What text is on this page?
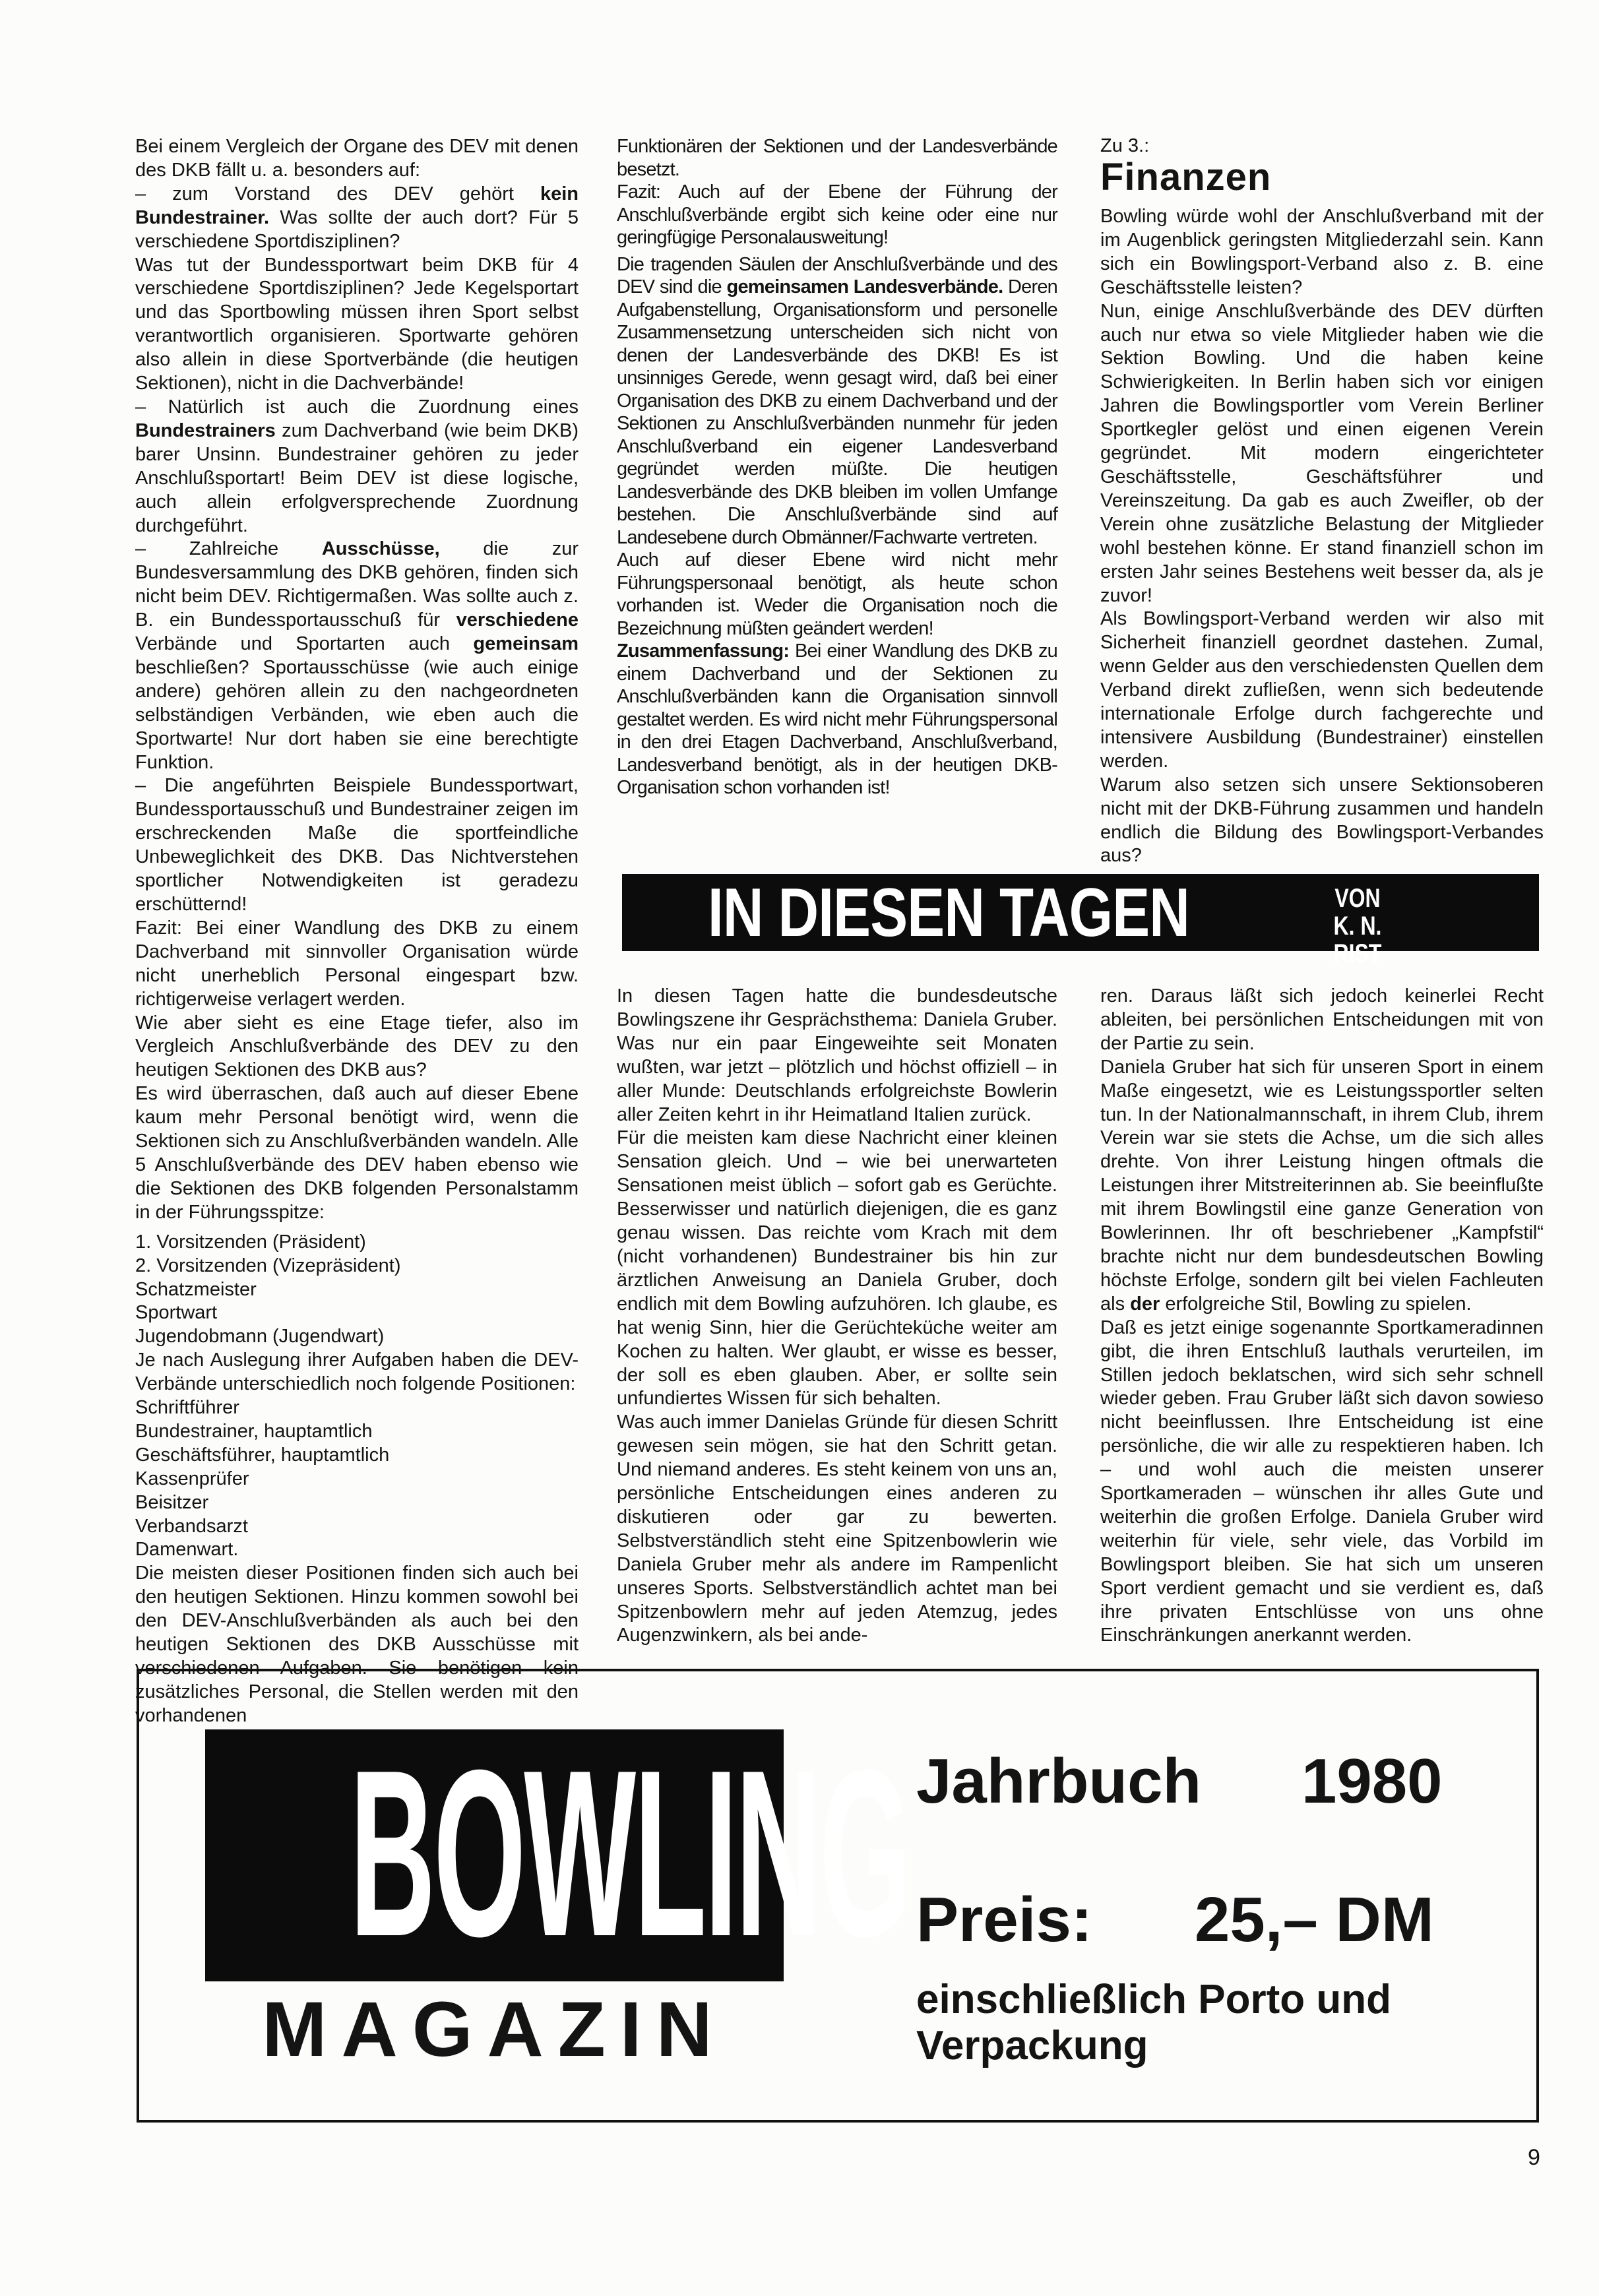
Bei einem Vergleich der Organe des DEV mit denen des DKB fällt u. a. besonders auf:

– zum Vorstand des DEV gehört kein Bundestrainer. Was sollte der auch dort? Für 5 verschiedene Sportdisziplinen?

Was tut der Bundessportwart beim DKB für 4 verschiedene Sportdisziplinen? Jede Kegelsportart und das Sportbowling müssen ihren Sport selbst verantwortlich organisieren. Sportwarte gehören also allein in diese Sportverbände (die heutigen Sektionen), nicht in die Dachverbände!

– Natürlich ist auch die Zuordnung eines Bundestrainers zum Dachverband (wie beim DKB) barer Unsinn. Bundestrainer gehören zu jeder Anschlußsportart! Beim DEV ist diese logische, auch allein erfolgversprechende Zuordnung durchgeführt.

– Zahlreiche Ausschüsse, die zur Bundesversammlung des DKB gehören, finden sich nicht beim DEV. Richtigermaßen. Was sollte auch z. B. ein Bundessportausschuß für verschiedene Verbände und Sportarten auch gemeinsam beschließen? Sportausschüsse (wie auch einige andere) gehören allein zu den nachgeordneten selbständigen Verbänden, wie eben auch die Sportwarte! Nur dort haben sie eine berechtigte Funktion.

– Die angeführten Beispiele Bundessportwart, Bundessportausschuß und Bundestrainer zeigen im erschreckenden Maße die sportfeindliche Unbeweglichkeit des DKB. Das Nichtverstehen sportlicher Notwendigkeiten ist geradezu erschütternd!

Fazit: Bei einer Wandlung des DKB zu einem Dachverband mit sinnvoller Organisation würde nicht unerheblich Personal eingespart bzw. richtigerweise verlagert werden.

Wie aber sieht es eine Etage tiefer, also im Vergleich Anschlußverbände des DEV zu den heutigen Sektionen des DKB aus?

Es wird überraschen, daß auch auf dieser Ebene kaum mehr Personal benötigt wird, wenn die Sektionen sich zu Anschlußverbänden wandeln. Alle 5 Anschlußverbände des DEV haben ebenso wie die Sektionen des DKB folgenden Personalstamm in der Führungsspitze:

1. Vorsitzenden (Präsident)

2. Vorsitzenden (Vizepräsident)

Schatzmeister

Sportwart

Jugendobmann (Jugendwart)

Je nach Auslegung ihrer Aufgaben haben die DEV-Verbände unterschiedlich noch folgende Positionen:

Schriftführer

Bundestrainer, hauptamtlich

Geschäftsführer, hauptamtlich

Kassenprüfer

Beisitzer

Verbandsarzt

Damenwart.

Die meisten dieser Positionen finden sich auch bei den heutigen Sektionen. Hinzu kommen sowohl bei den DEV-Anschlußverbänden als auch bei den heutigen Sektionen des DKB Ausschüsse mit verschiedenen Aufgaben. Sie benötigen kein zusätzliches Personal, die Stellen werden mit den vorhandenen

Funktionären der Sektionen und der Landesverbände besetzt.

Fazit: Auch auf der Ebene der Führung der Anschlußverbände ergibt sich keine oder eine nur geringfügige Personalausweitung!

Die tragenden Säulen der Anschlußverbände und des DEV sind die gemeinsamen Landesverbände. Deren Aufgabenstellung, Organisationsform und personelle Zusammensetzung unterscheiden sich nicht von denen der Landesverbände des DKB! Es ist unsinniges Gerede, wenn gesagt wird, daß bei einer Organisation des DKB zu einem Dachverband und der Sektionen zu Anschlußverbänden nunmehr für jeden Anschlußverband ein eigener Landesverband gegründet werden müßte. Die heutigen Landesverbände des DKB bleiben im vollen Umfange bestehen. Die Anschlußverbände sind auf Landesebene durch Obmänner/Fachwarte vertreten.

Auch auf dieser Ebene wird nicht mehr Führungspersonaal benötigt, als heute schon vorhanden ist. Weder die Organisation noch die Bezeichnung müßten geändert werden!

Zusammenfassung: Bei einer Wandlung des DKB zu einem Dachverband und der Sektionen zu Anschlußverbänden kann die Organisation sinnvoll gestaltet werden. Es wird nicht mehr Führungspersonal in den drei Etagen Dachverband, Anschlußverband, Landesverband benötigt, als in der heutigen DKB-Organisation schon vorhanden ist!

Zu 3.:

Finanzen

Bowling würde wohl der Anschlußverband mit der im Augenblick geringsten Mitgliederzahl sein. Kann sich ein Bowlingsport-Verband also z. B. eine Geschäftsstelle leisten?

Nun, einige Anschlußverbände des DEV dürften auch nur etwa so viele Mitglieder haben wie die Sektion Bowling. Und die haben keine Schwierigkeiten. In Berlin haben sich vor einigen Jahren die Bowlingsportler vom Verein Berliner Sportkegler gelöst und einen eigenen Verein gegründet. Mit modern eingerichteter Geschäftsstelle, Geschäftsführer und Vereinszeitung. Da gab es auch Zweifler, ob der Verein ohne zusätzliche Belastung der Mitglieder wohl bestehen könne. Er stand finanziell schon im ersten Jahr seines Bestehens weit besser da, als je zuvor!

Als Bowlingsport-Verband werden wir also mit Sicherheit finanziell geordnet dastehen. Zumal, wenn Gelder aus den verschiedensten Quellen dem Verband direkt zufließen, wenn sich bedeutende internationale Erfolge durch fachgerechte und intensivere Ausbildung (Bundestrainer) einstellen werden.

Warum also setzen sich unsere Sektionsoberen nicht mit der DKB-Führung zusammen und handeln endlich die Bildung des Bowlingsport-Verbandes aus?

IN DIESEN TAGEN	VON
K. N. RIST

In diesen Tagen hatte die bundesdeutsche Bowlingszene ihr Gesprächsthema: Daniela Gruber. Was nur ein paar Eingeweihte seit Monaten wußten, war jetzt – plötzlich und höchst offiziell – in aller Munde: Deutschlands erfolgreichste Bowlerin aller Zeiten kehrt in ihr Heimatland Italien zurück.

Für die meisten kam diese Nachricht einer kleinen Sensation gleich. Und – wie bei unerwarteten Sensationen meist üblich – sofort gab es Gerüchte. Besserwisser und natürlich diejenigen, die es ganz genau wissen. Das reichte vom Krach mit dem (nicht vorhandenen) Bundestrainer bis hin zur ärztlichen Anweisung an Daniela Gruber, doch endlich mit dem Bowling aufzuhören. Ich glaube, es hat wenig Sinn, hier die Gerüchteküche weiter am Kochen zu halten. Wer glaubt, er wisse es besser, der soll es eben glauben. Aber, er sollte sein unfundiertes Wissen für sich behalten.

Was auch immer Danielas Gründe für diesen Schritt gewesen sein mögen, sie hat den Schritt getan. Und niemand anderes. Es steht keinem von uns an, persönliche Entscheidungen eines anderen zu diskutieren oder gar zu bewerten. Selbstverständlich steht eine Spitzenbowlerin wie Daniela Gruber mehr als andere im Rampenlicht unseres Sports. Selbstverständlich achtet man bei Spitzenbowlern mehr auf jeden Atemzug, jedes Augenzwinkern, als bei ande-

ren. Daraus läßt sich jedoch keinerlei Recht ableiten, bei persönlichen Entscheidungen mit von der Partie zu sein.

Daniela Gruber hat sich für unseren Sport in einem Maße eingesetzt, wie es Leistungssportler selten tun. In der Nationalmannschaft, in ihrem Club, ihrem Verein war sie stets die Achse, um die sich alles drehte. Von ihrer Leistung hingen oftmals die Leistungen ihrer Mitstreiterinnen ab. Sie beeinflußte mit ihrem Bowlingstil eine ganze Generation von Bowlerinnen. Ihr oft beschriebener „Kampfstil“ brachte nicht nur dem bundesdeutschen Bowling höchste Erfolge, sondern gilt bei vielen Fachleuten als der erfolgreiche Stil, Bowling zu spielen.

Daß es jetzt einige sogenannte Sportkameradinnen gibt, die ihren Entschluß lauthals verurteilen, im Stillen jedoch beklatschen, wird sich sehr schnell wieder geben. Frau Gruber läßt sich davon sowieso nicht beeinflussen. Ihre Entscheidung ist eine persönliche, die wir alle zu respektieren haben. Ich – und wohl auch die meisten unserer Sportkameraden – wünschen ihr alles Gute und weiterhin die großen Erfolge. Daniela Gruber wird weiterhin für viele, sehr viele, das Vorbild im Bowlingsport bleiben. Sie hat sich um unseren Sport verdient gemacht und sie verdient es, daß ihre privaten Entschlüsse von uns ohne Einschränkungen anerkannt werden.

BOWLING
MAGAZIN
Jahrbuch 1980
Preis: 25,– DM
einschließlich Porto und
Verpackung
9
